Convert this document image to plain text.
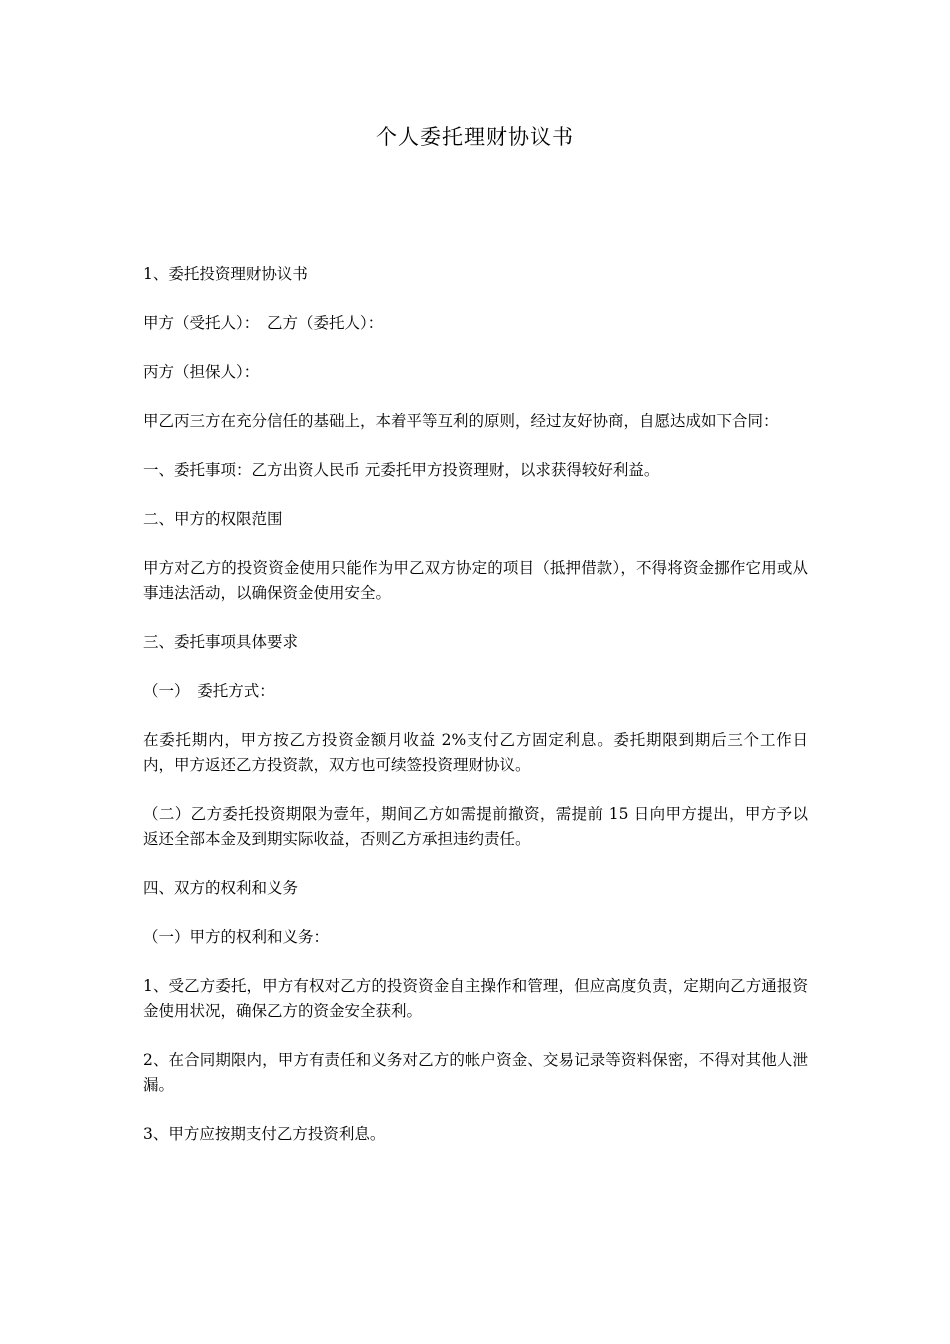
个人委托理财协议书

1、委托投资理财协议书

甲方（受托人）：　乙方（委托人）：

丙方（担保人）：

甲乙丙三方在充分信任的基础上，本着平等互利的原则，经过友好协商，自愿达成如下合同：

一、委托事项：乙方出资人民币 元委托甲方投资理财，以求获得较好利益。

二、甲方的权限范围

甲方对乙方的投资资金使用只能作为甲乙双方协定的项目（抵押借款），不得将资金挪作它用或从事违法活动，以确保资金使用安全。

三、委托事项具体要求

（一）　委托方式：

在委托期内，甲方按乙方投资金额月收益 2%支付乙方固定利息。委托期限到期后三个工作日内，甲方返还乙方投资款，双方也可续签投资理财协议。

（二）乙方委托投资期限为壹年，期间乙方如需提前撤资，需提前 15 日向甲方提出，甲方予以返还全部本金及到期实际收益，否则乙方承担违约责任。

四、双方的权利和义务

（一）甲方的权利和义务：

1、受乙方委托，甲方有权对乙方的投资资金自主操作和管理，但应高度负责，定期向乙方通报资金使用状况，确保乙方的资金安全获利。

2、在合同期限内，甲方有责任和义务对乙方的帐户资金、交易记录等资料保密，不得对其他人泄漏。

3、甲方应按期支付乙方投资利息。
